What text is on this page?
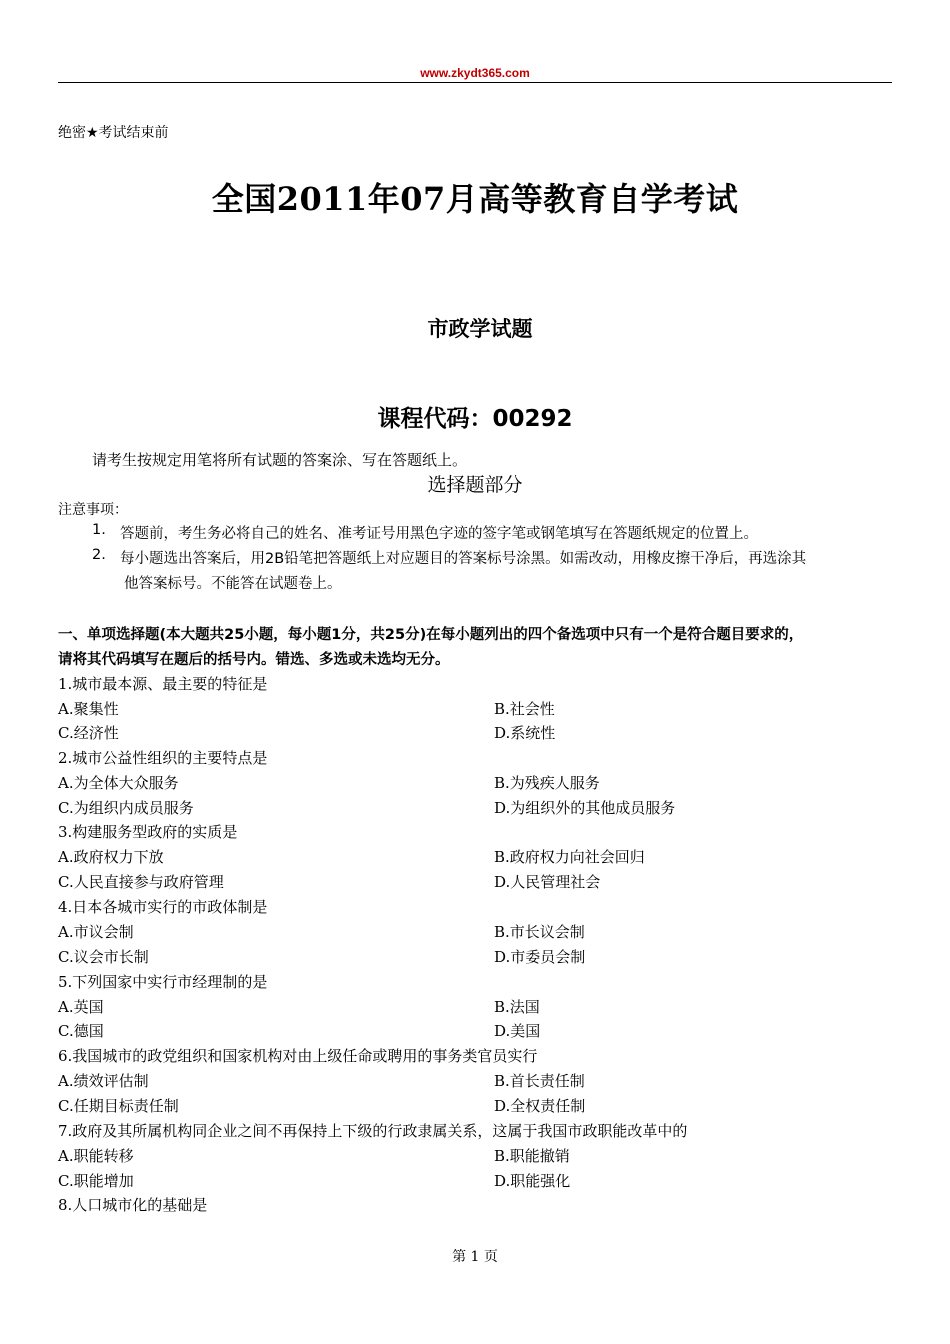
www.zkydt365.com
绝密★考试结束前
全国2011年07月高等教育自学考试
市政学试题
课程代码：00292
请考生按规定用笔将所有试题的答案涂、写在答题纸上。
选择题部分
注意事项：
1. 答题前，考生务必将自己的姓名、准考证号用黑色字迹的签字笔或钢笔填写在答题纸规定的位置上。
2. 每小题选出答案后，用2B铅笔把答题纸上对应题目的答案标号涂黑。如需改动，用橡皮擦干净后，再选涂其
他答案标号。不能答在试题卷上。
一、单项选择题(本大题共25小题，每小题1分，共25分)在每小题列出的四个备选项中只有一个是符合题目要求的，
请将其代码填写在题后的括号内。错选、多选或未选均无分。
1.城市最本源、最主要的特征是
A.聚集性	B.社会性
C.经济性	D.系统性
2.城市公益性组织的主要特点是
A.为全体大众服务	B.为残疾人服务
C.为组织内成员服务	D.为组织外的其他成员服务
3.构建服务型政府的实质是
A.政府权力下放	B.政府权力向社会回归
C.人民直接参与政府管理	D.人民管理社会
4.日本各城市实行的市政体制是
A.市议会制	B.市长议会制
C.议会市长制	D.市委员会制
5.下列国家中实行市经理制的是
A.英国	B.法国
C.德国	D.美国
6.我国城市的政党组织和国家机构对由上级任命或聘用的事务类官员实行
A.绩效评估制	B.首长责任制
C.任期目标责任制	D.全权责任制
7.政府及其所属机构同企业之间不再保持上下级的行政隶属关系，这属于我国市政职能改革中的
A.职能转移	B.职能撤销
C.职能增加	D.职能强化
8.人口城市化的基础是
第 1 页
